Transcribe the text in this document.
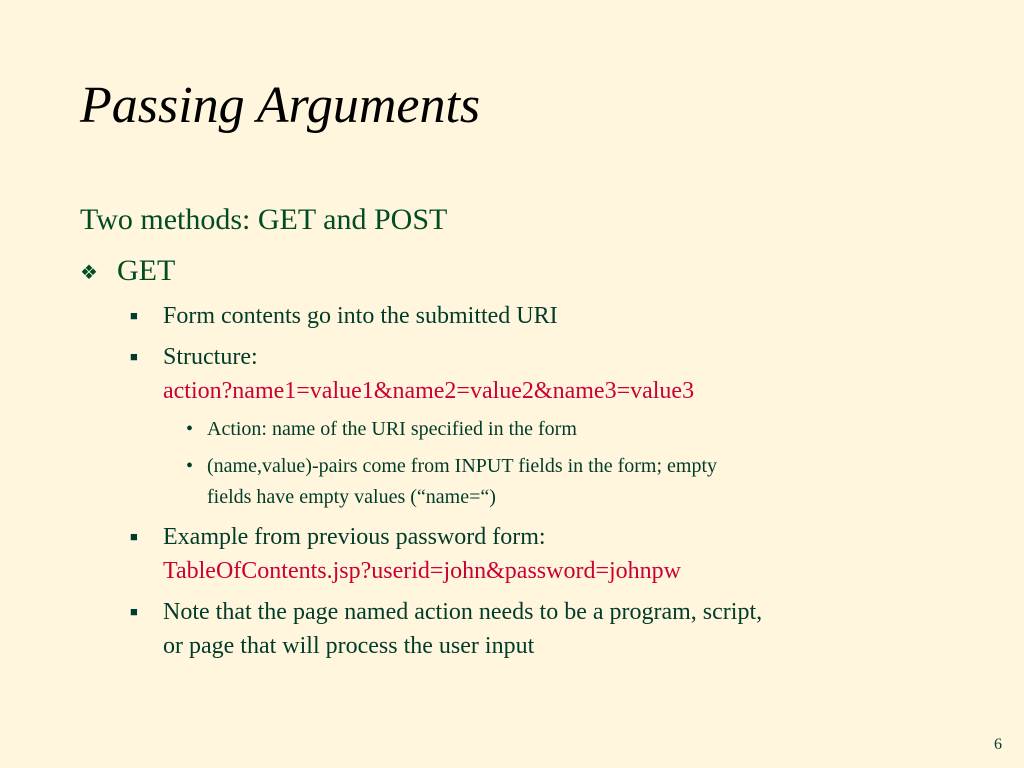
Passing Arguments
Two methods: GET and POST
❖ GET
■ Form contents go into the submitted URI
■ Structure:
action?name1=value1&name2=value2&name3=value3
• Action: name of the URI specified in the form
• (name,value)-pairs come from INPUT fields in the form; empty
fields have empty values (“name=“)
■ Example from previous password form:
TableOfContents.jsp?userid=john&password=johnpw
■ Note that the page named action needs to be a program, script,
or page that will process the user input
6
